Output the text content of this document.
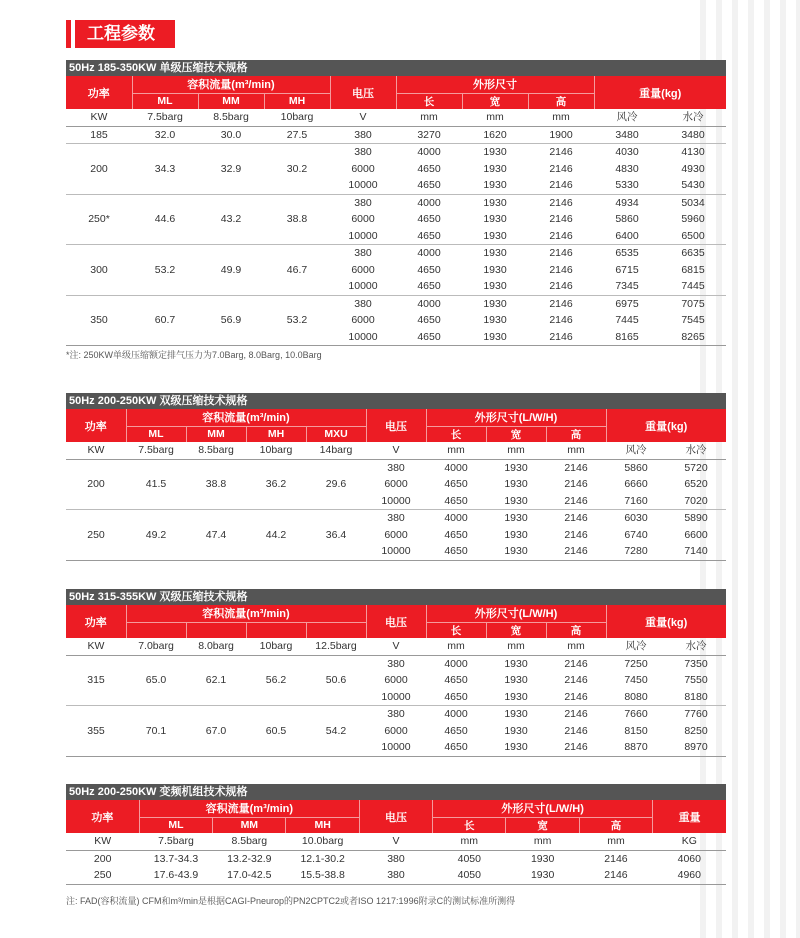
工程参数
50Hz 185-350KW 单级压缩技术规格
功率	容积流量(m³/min)			电压	外形尺寸			重量(kg)	
	ML	MM	MH		长	宽	高		
KW	7.5barg	8.5barg	10barg	V	mm	mm	mm	风冷	水冷
185	32.0	30.0	27.5	380	3270	1620	1900	3480	3480
200	34.3	32.9	30.2	380	4000	1930	2146	4030	4130
				6000	4650	1930	2146	4830	4930
				10000	4650	1930	2146	5330	5430
250*	44.6	43.2	38.8	380	4000	1930	2146	4934	5034
				6000	4650	1930	2146	5860	5960
				10000	4650	1930	2146	6400	6500
300	53.2	49.9	46.7	380	4000	1930	2146	6535	6635
				6000	4650	1930	2146	6715	6815
				10000	4650	1930	2146	7345	7445
350	60.7	56.9	53.2	380	4000	1930	2146	6975	7075
				6000	4650	1930	2146	7445	7545
				10000	4650	1930	2146	8165	8265
*注: 250KW单级压缩额定排气压力为7.0Barg, 8.0Barg, 10.0Barg
50Hz 200-250KW 双级压缩技术规格
功率	容积流量(m³/min)				电压	外形尺寸(L/W/H)			重量(kg)	
	ML	MM	MH	MXU		长	宽	高		
KW	7.5barg	8.5barg	10barg	14barg	V	mm	mm	mm	风冷	水冷
200	41.5	38.8	36.2	29.6	380	4000	1930	2146	5860	5720
					6000	4650	1930	2146	6660	6520
					10000	4650	1930	2146	7160	7020
250	49.2	47.4	44.2	36.4	380	4000	1930	2146	6030	5890
					6000	4650	1930	2146	6740	6600
					10000	4650	1930	2146	7280	7140
50Hz 315-355KW 双级压缩技术规格
功率	容积流量(m³/min)				电压	外形尺寸(L/W/H)			重量(kg)	
						长	宽	高		
KW	7.0barg	8.0barg	10barg	12.5barg	V	mm	mm	mm	风冷	水冷
315	65.0	62.1	56.2	50.6	380	4000	1930	2146	7250	7350
					6000	4650	1930	2146	7450	7550
					10000	4650	1930	2146	8080	8180
355	70.1	67.0	60.5	54.2	380	4000	1930	2146	7660	7760
					6000	4650	1930	2146	8150	8250
					10000	4650	1930	2146	8870	8970
50Hz 200-250KW 变频机组技术规格
功率	容积流量(m³/min)			电压	外形尺寸(L/W/H)			重量
	ML	MM	MH		长	宽	高	
KW	7.5barg	8.5barg	10.0barg	V	mm	mm	mm	KG
200	13.7-34.3	13.2-32.9	12.1-30.2	380	4050	1930	2146	4060
250	17.6-43.9	17.0-42.5	15.5-38.8	380	4050	1930	2146	4960
注: FAD(容积流量) CFM和m³/min是根据CAGI-Pneurop的PN2CPTC2或者ISO 1217:1996附录C的测试标准所测得
